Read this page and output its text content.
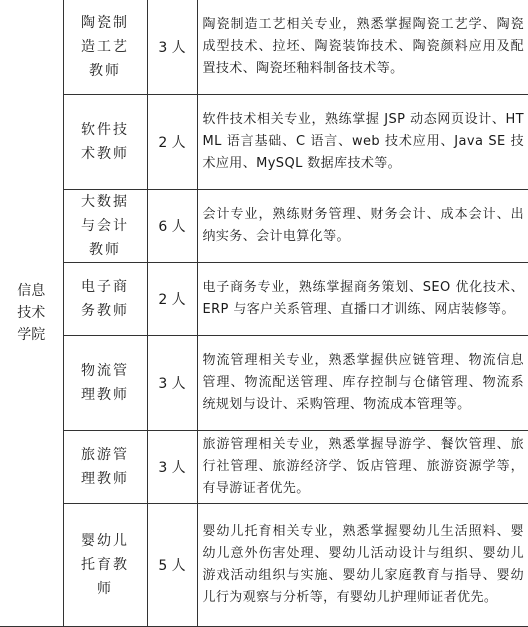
信息技术学院	陶瓷制造工艺教师	3 人	陶瓷制造工艺相关专业，熟悉掌握陶瓷工艺学、陶瓷成型技术、拉坯、陶瓷装饰技术、陶瓷颜料应用及配置技术、陶瓷坯釉料制备技术等。
	软件技术教师	2 人	软件技术相关专业，熟练掌握 JSP 动态网页设计、HTML 语言基础、C 语言、web 技术应用、Java SE 技术应用、MySQL 数据库技术等。
	大数据与会计教师	6 人	会计专业，熟练财务管理、财务会计、成本会计、出纳实务、会计电算化等。
	电子商务教师	2 人	电子商务专业，熟练掌握商务策划、SEO 优化技术、ERP 与客户关系管理、直播口才训练、网店装修等。
	物流管理教师	3 人	物流管理相关专业，熟悉掌握供应链管理、物流信息管理、物流配送管理、库存控制与仓储管理、物流系统规划与设计、采购管理、物流成本管理等。
	旅游管理教师	3 人	旅游管理相关专业，熟悉掌握导游学、餐饮管理、旅行社管理、旅游经济学、饭店管理、旅游资源学等，有导游证者优先。
	婴幼儿托育教师	5 人	婴幼儿托育相关专业，熟悉掌握婴幼儿生活照料、婴幼儿意外伤害处理、婴幼儿活动设计与组织、婴幼儿游戏活动组织与实施、婴幼儿家庭教育与指导、婴幼儿行为观察与分析等，有婴幼儿护理师证者优先。
